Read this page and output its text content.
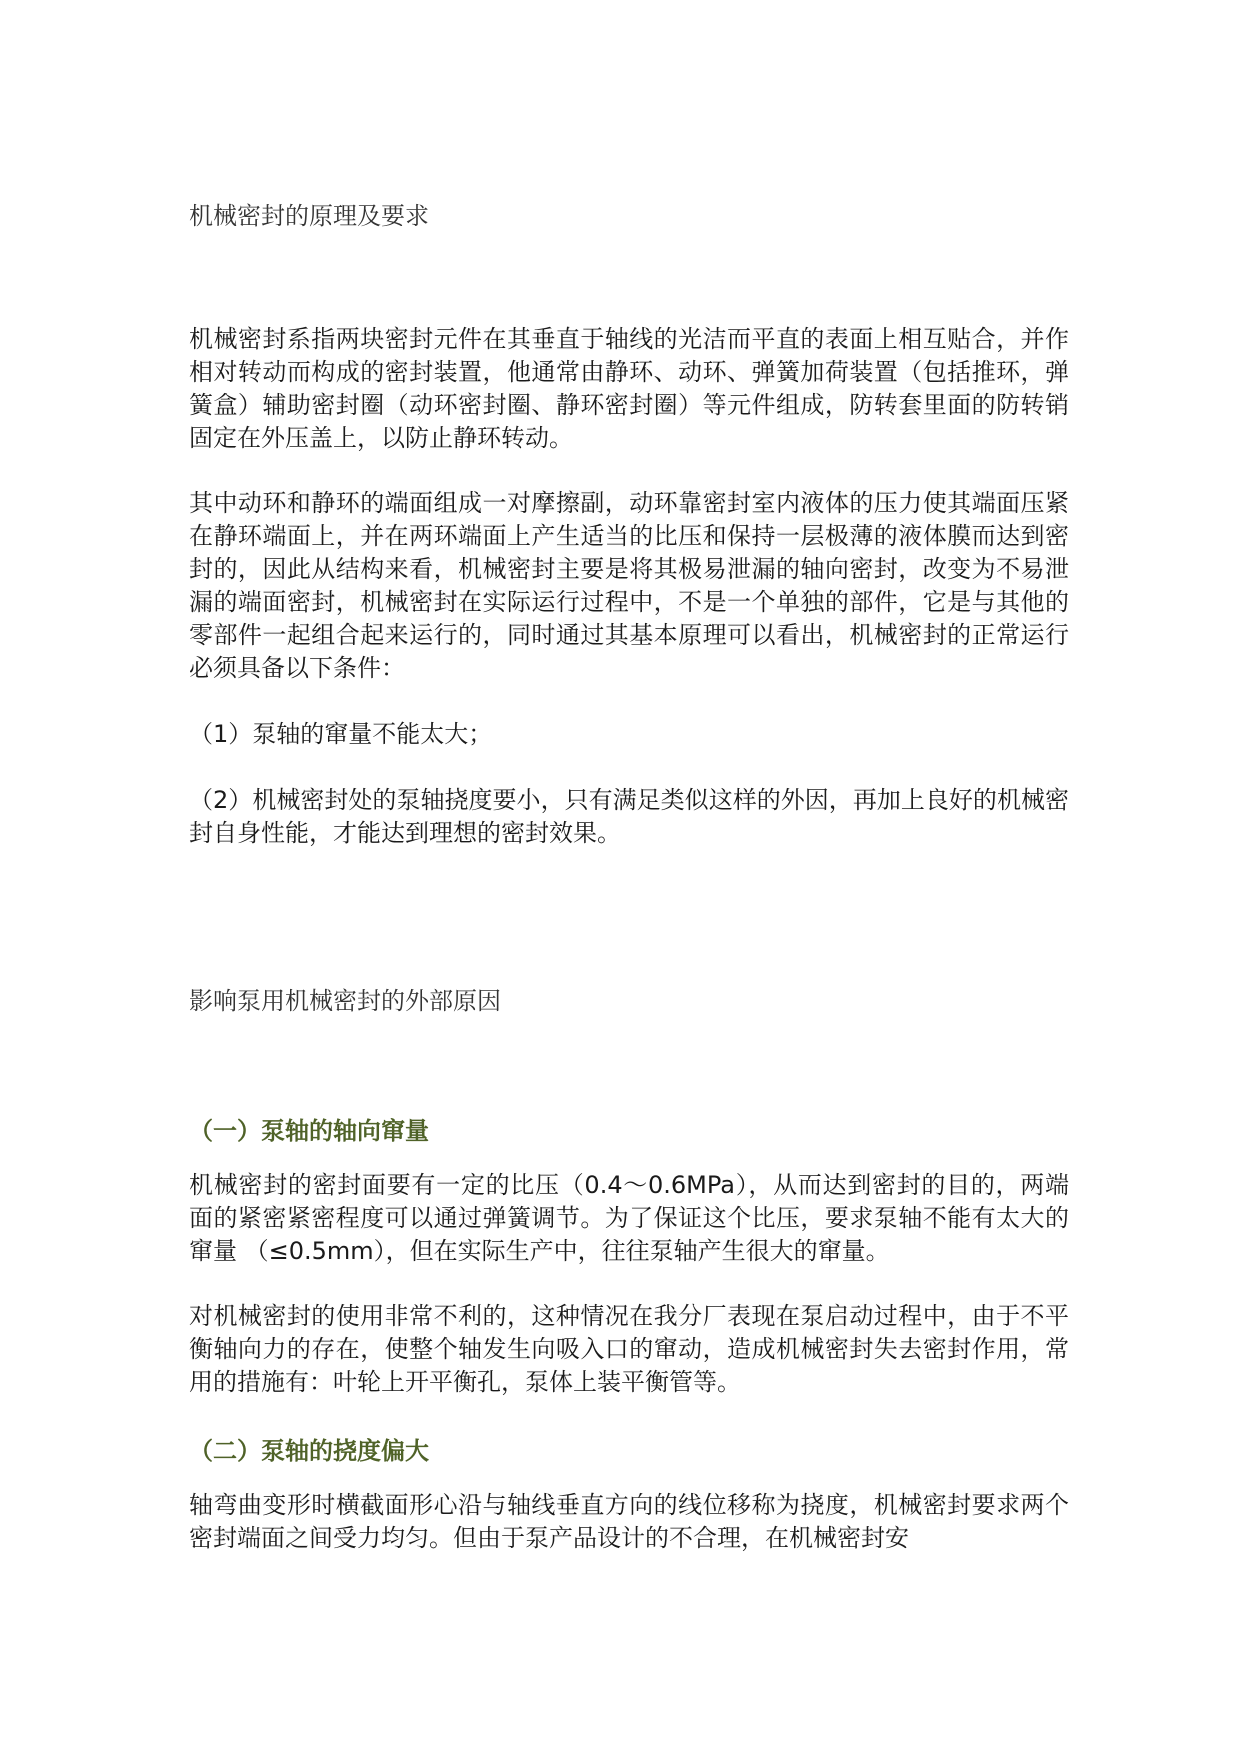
机械密封的原理及要求

机械密封系指两块密封元件在其垂直于轴线的光洁而平直的表面上相互贴合，并作相对转动而构成的密封装置，他通常由静环、动环、弹簧加荷装置（包括推环，弹簧盒）辅助密封圈（动环密封圈、静环密封圈）等元件组成，防转套里面的防转销固定在外压盖上，以防止静环转动。

其中动环和静环的端面组成一对摩擦副，动环靠密封室内液体的压力使其端面压紧在静环端面上，并在两环端面上产生适当的比压和保持一层极薄的液体膜而达到密封的，因此从结构来看，机械密封主要是将其极易泄漏的轴向密封，改变为不易泄漏的端面密封，机械密封在实际运行过程中，不是一个单独的部件，它是与其他的零部件一起组合起来运行的，同时通过其基本原理可以看出，机械密封的正常运行必须具备以下条件：

（1）泵轴的窜量不能太大；

（2）机械密封处的泵轴挠度要小，只有满足类似这样的外因，再加上良好的机械密封自身性能，才能达到理想的密封效果。

影响泵用机械密封的外部原因
（一）泵轴的轴向窜量

机械密封的密封面要有一定的比压（0.4～0.6MPa），从而达到密封的目的，两端面的紧密紧密程度可以通过弹簧调节。为了保证这个比压，要求泵轴不能有太大的窜量 （≤0.5mm），但在实际生产中，往往泵轴产生很大的窜量。

对机械密封的使用非常不利的，这种情况在我分厂表现在泵启动过程中，由于不平衡轴向力的存在，使整个轴发生向吸入口的窜动，造成机械密封失去密封作用，常用的措施有：叶轮上开平衡孔，泵体上装平衡管等。

（二）泵轴的挠度偏大

轴弯曲变形时横截面形心沿与轴线垂直方向的线位移称为挠度，机械密封要求两个密封端面之间受力均匀。但由于泵产品设计的不合理，在机械密封安
